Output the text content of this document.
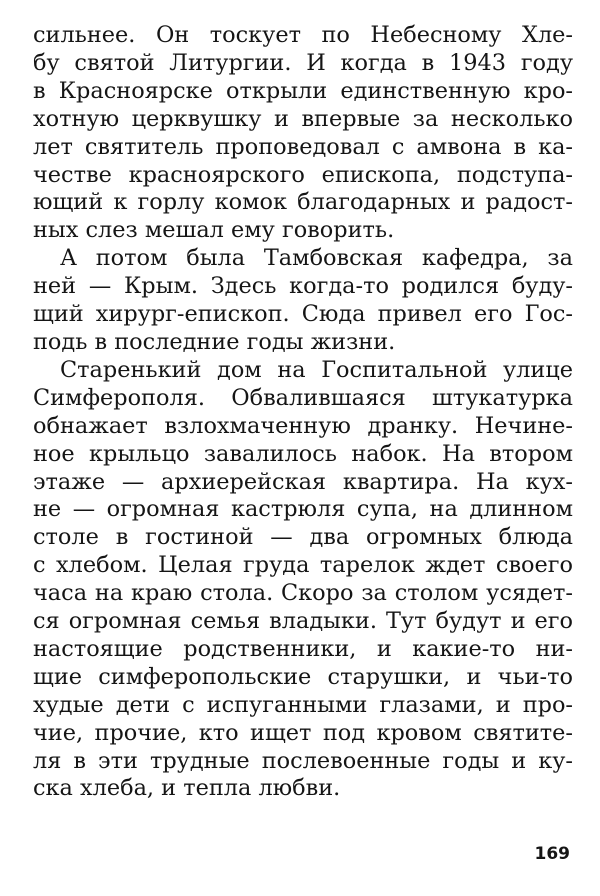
сильнее. Он тоскует по Небесному Хле-
бу святой Литургии. И когда в 1943 году
в Красноярске открыли единственную кро-
хотную церквушку и впервые за несколько
лет святитель проповедовал с амвона в ка-
честве красноярского епископа, подступа-
ющий к горлу комок благодарных и радост-
ных слез мешал ему говорить.
А потом была Тамбовская кафедра, за
ней — Крым. Здесь когда-то родился буду-
щий хирург-епископ. Сюда привел его Гос-
подь в последние годы жизни.
Старенький дом на Госпитальной улице
Симферополя. Обвалившаяся штукатурка
обнажает взлохмаченную дранку. Нечине-
ное крыльцо завалилось набок. На втором
этаже — архиерейская квартира. На кух-
не — огромная кастрюля супа, на длинном
столе в гостиной — два огромных блюда
с хлебом. Целая груда тарелок ждет своего
часа на краю стола. Скоро за столом усядет-
ся огромная семья владыки. Тут будут и его
настоящие родственники, и какие-то ни-
щие симферопольские старушки, и чьи-то
худые дети с испуганными глазами, и про-
чие, прочие, кто ищет под кровом святите-
ля в эти трудные послевоенные годы и ку-
ска хлеба, и тепла любви.
169
